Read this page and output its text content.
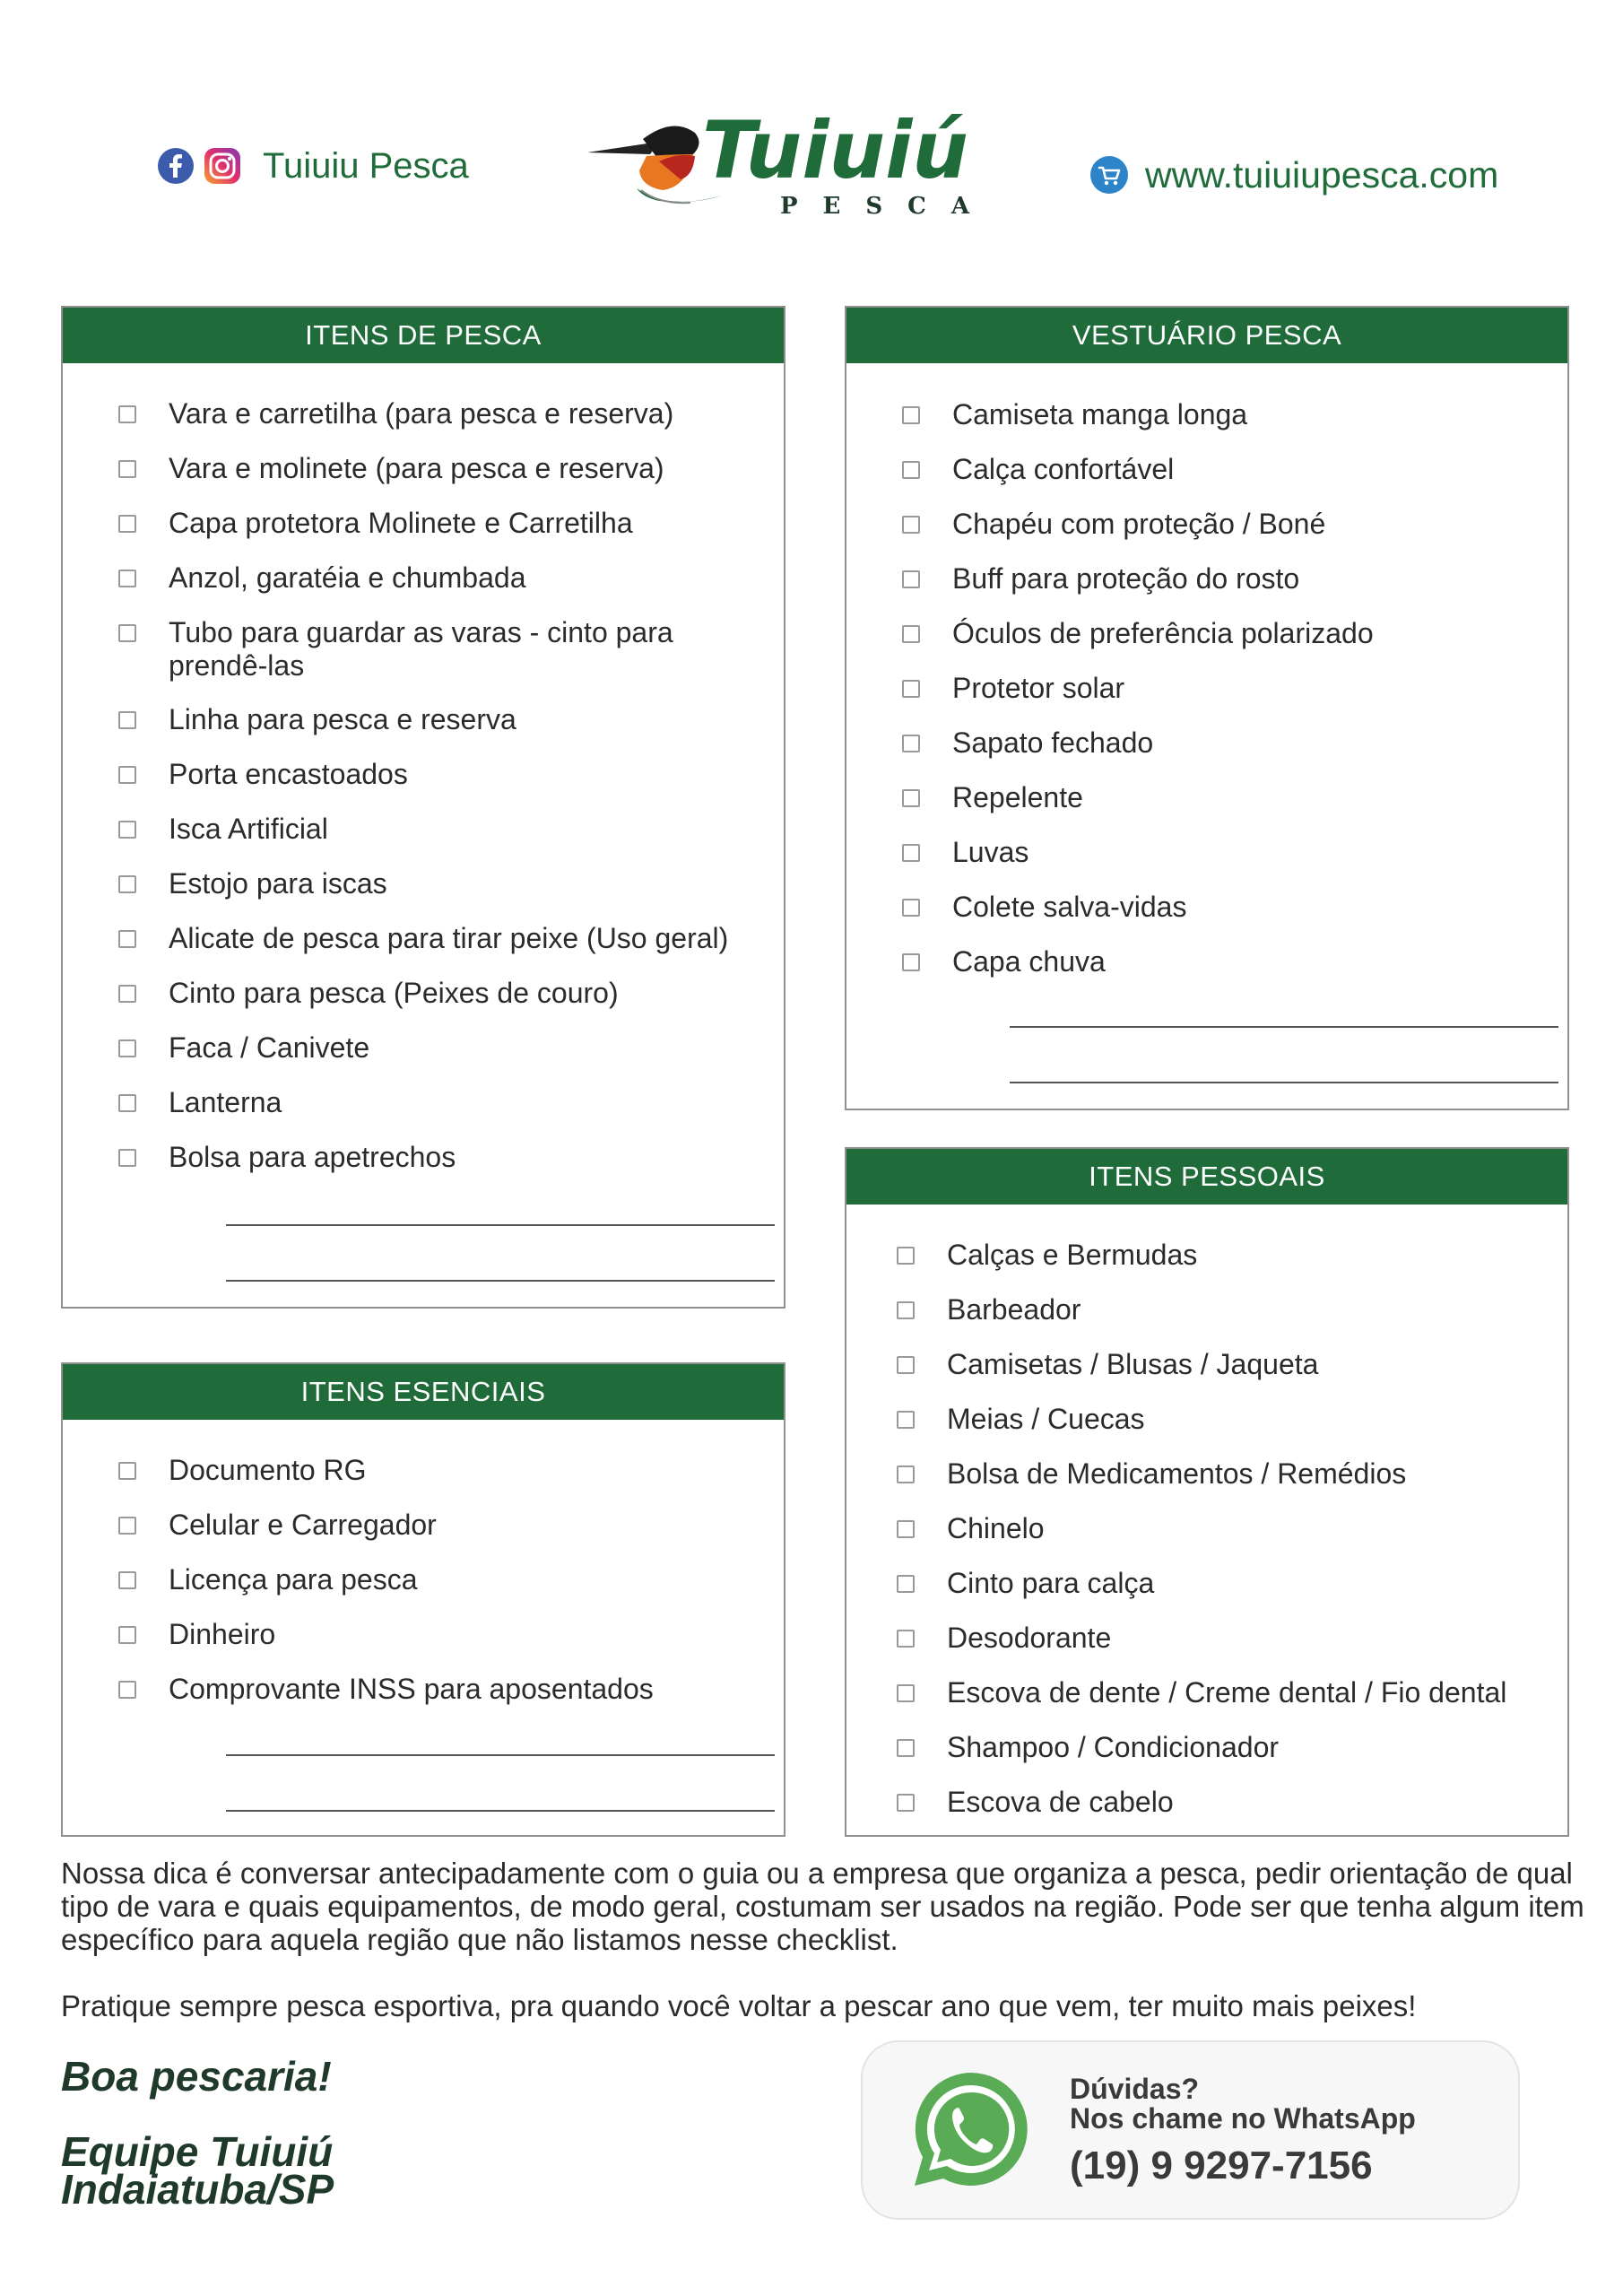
Tuiuiu Pesca	Tuiuiú
PESCA
www.tuiuiupesca.com
ITENS DE PESCA
Vara e carretilha (para pesca e reserva)
Vara e molinete (para pesca e reserva)
Capa protetora Molinete e Carretilha
Anzol, garatéia e chumbada
Tubo para guardar as varas - cinto para prendê-las
Linha para pesca e reserva
Porta encastoados
Isca Artificial
Estojo para iscas
Alicate de pesca para tirar peixe (Uso geral)
Cinto para pesca (Peixes de couro)
Faca / Canivete
Lanterna
Bolsa para apetrechos
VESTUÁRIO PESCA
Camiseta manga longa
Calça confortável
Chapéu com proteção / Boné
Buff para proteção do rosto
Óculos de preferência polarizado
Protetor solar
Sapato fechado
Repelente
Luvas
Colete salva-vidas
Capa chuva
ITENS ESENCIAIS
Documento RG
Celular e Carregador
Licença para pesca
Dinheiro
Comprovante INSS para aposentados
ITENS PESSOAIS
Calças e Bermudas
Barbeador
Camisetas / Blusas / Jaqueta
Meias / Cuecas
Bolsa de Medicamentos / Remédios
Chinelo
Cinto para calça
Desodorante
Escova de dente / Creme dental / Fio dental
Shampoo / Condicionador
Escova de cabelo

Nossa dica é conversar antecipadamente com o guia ou a empresa que organiza a pesca, pedir orientação de qual tipo de vara e quais equipamentos, de modo geral, costumam ser usados na região. Pode ser que tenha algum item específico para aquela região que não listamos nesse checklist.

Pratique sempre pesca esportiva, pra quando você voltar a pescar ano que vem, ter muito mais peixes!

Boa pescaria!
Equipe Tuiuiú
Indaiatuba/SP
Dúvidas?
Nos chame no WhatsApp
(19) 9 9297-7156
